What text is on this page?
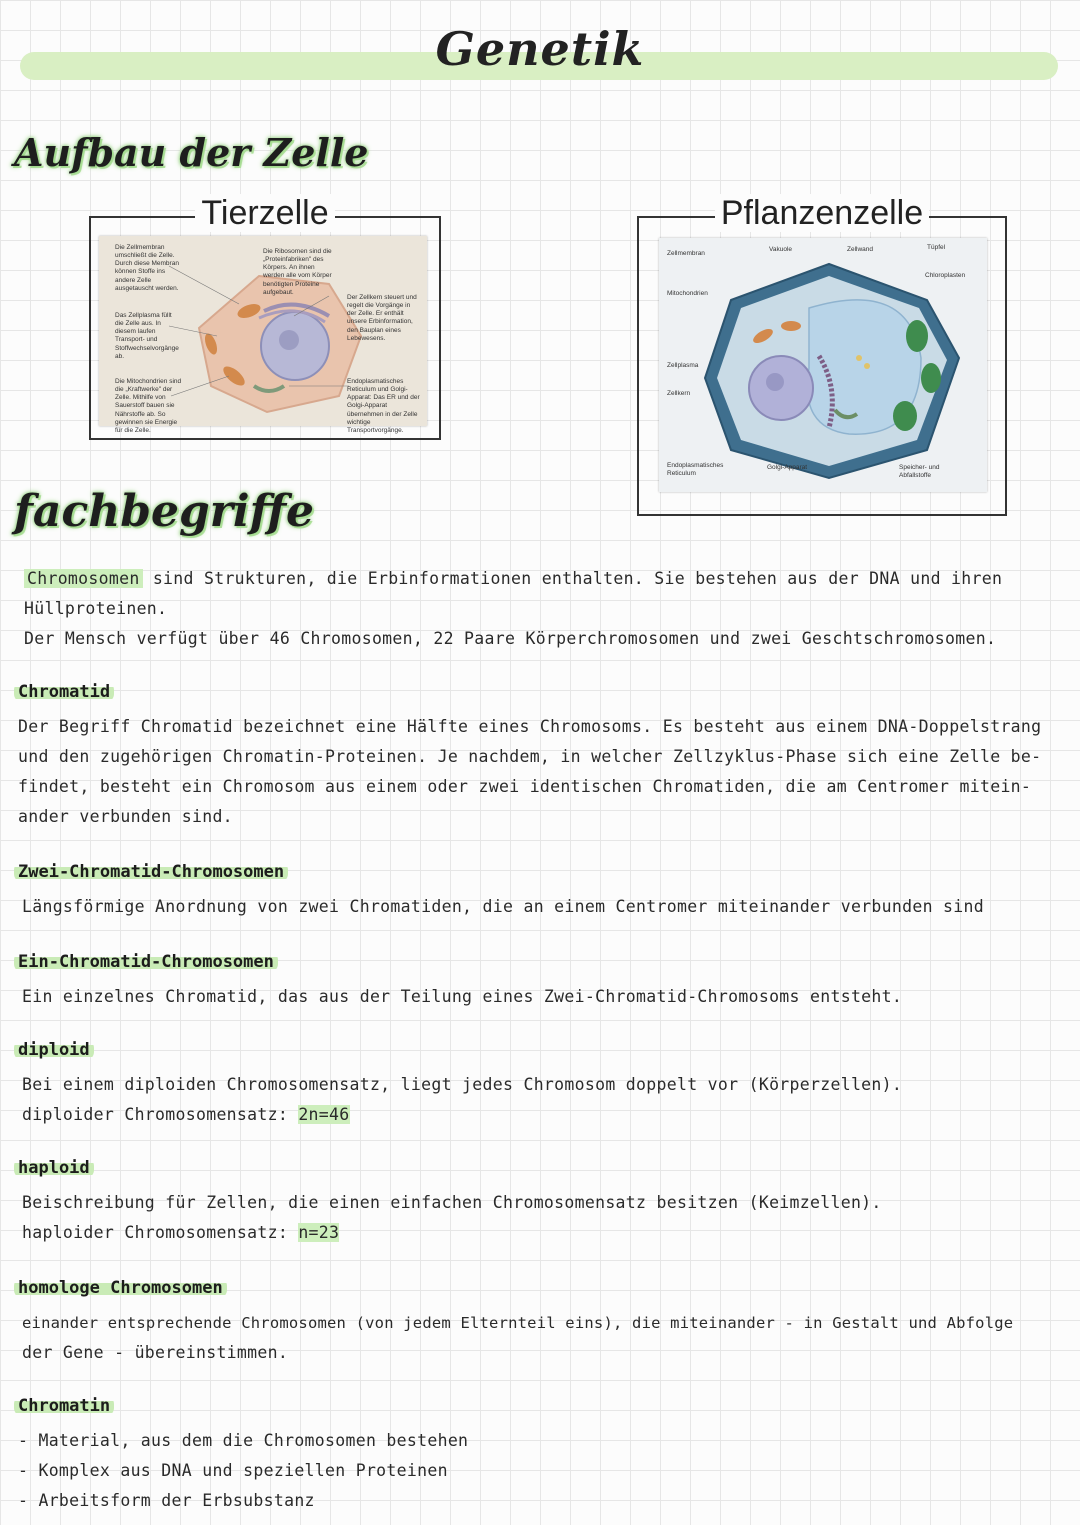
Genetik
Aufbau der Zelle
Tierzelle
Die Zellmembran umschließt die Zelle. Durch diese Membran können Stoffe ins andere Zelle ausgetauscht werden.
Die Ribosomen sind die „Proteinfabriken" des Körpers. An ihnen werden alle vom Körper benötigten Proteine aufgebaut.
Der Zellkern steuert und regelt die Vorgänge in der Zelle. Er enthält unsere Erbinformation, den Bauplan eines Lebewesens.
Das Zellplasma füllt die Zelle aus. In diesem laufen Transport- und Stoffwechselvorgänge ab.
Die Mitochondrien sind die „Kraftwerke" der Zelle. Mithilfe von Sauerstoff bauen sie Nährstoffe ab. So gewinnen sie Energie für die Zelle.
Endoplasmatisches Reticulum und Golgi-Apparat: Das ER und der Golgi-Apparat übernehmen in der Zelle wichtige Transportvorgänge.
Pflanzenzelle
Zellmembran
Vakuole	Zellwand	Tüpfel
Chloroplasten
Mitochondrien
Zellplasma
Zellkern
Endoplasmatisches Reticulum
Golgi-Apparat	Speicher- und Abfallstoffe
fachbegriffe
Chromosomen sind Strukturen, die Erbinformationen enthalten. Sie bestehen aus der DNA und ihren
Hüllproteinen.
Der Mensch verfügt über 46 Chromosomen, 22 Paare Körperchromosomen und zwei Geschtschromosomen.
Chromatid
Der Begriff Chromatid bezeichnet eine Hälfte eines Chromosoms. Es besteht aus einem DNA-Doppelstrang
und den zugehörigen Chromatin-Proteinen. Je nachdem, in welcher Zellzyklus-Phase sich eine Zelle be-
findet, besteht ein Chromosom aus einem oder zwei identischen Chromatiden, die am Centromer mitein-
ander verbunden sind.
Zwei-Chromatid-Chromosomen
Längsförmige Anordnung von zwei Chromatiden, die an einem Centromer miteinander verbunden sind
Ein-Chromatid-Chromosomen
Ein einzelnes Chromatid, das aus der Teilung eines Zwei-Chromatid-Chromosoms entsteht.
diploid
Bei einem diploiden Chromosomensatz, liegt jedes Chromosom doppelt vor (Körperzellen).
diploider Chromosomensatz: 2n=46
haploid
Beischreibung für Zellen, die einen einfachen Chromosomensatz besitzen (Keimzellen).
haploider Chromosomensatz: n=23
homologe Chromosomen
einander entsprechende Chromosomen (von jedem Elternteil eins), die miteinander - in Gestalt und Abfolge
der Gene - übereinstimmen.
Chromatin
- Material, aus dem die Chromosomen bestehen
- Komplex aus DNA und speziellen Proteinen
- Arbeitsform der Erbsubstanz
